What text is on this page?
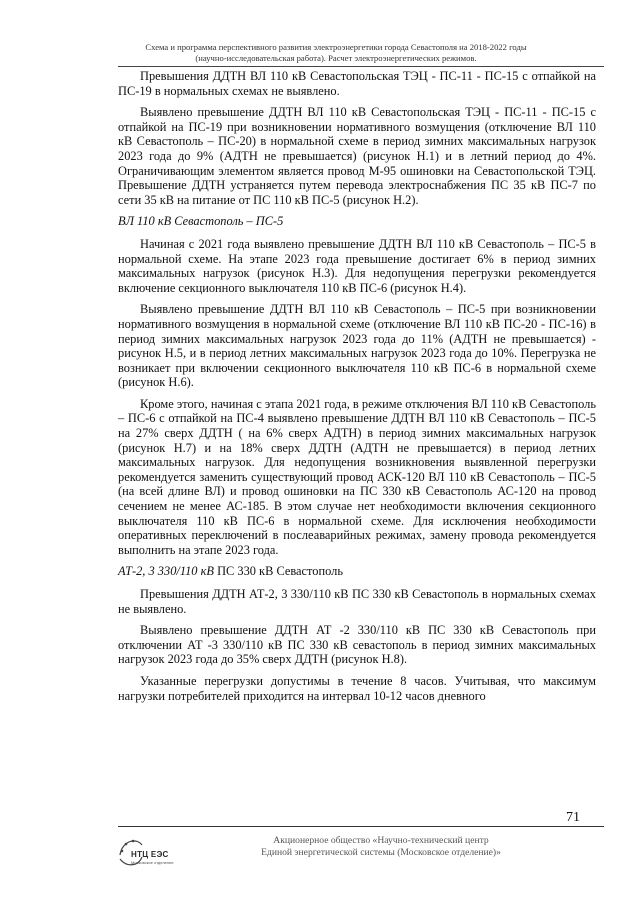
Схема и программа перспективного развития электроэнергетики города Севастополя на 2018-2022 годы
(научно-исследовательская работа). Расчет электроэнергетических режимов.

Превышения ДДТН ВЛ 110 кВ Севастопольская ТЭЦ - ПС-11 - ПС-15 с отпайкой на ПС-19 в нормальных схемах не выявлено.

Выявлено превышение ДДТН ВЛ 110 кВ Севастопольская ТЭЦ - ПС-11 - ПС-15 с отпайкой на ПС-19 при возникновении нормативного возмущения (отключение ВЛ 110 кВ Севастополь – ПС-20) в нормальной схеме в период зимних максимальных нагрузок 2023 года до 9% (АДТН не превышается) (рисунок Н.1) и в летний период до 4%. Ограничивающим элементом является провод М-95 ошиновки на Севастопольской ТЭЦ. Превышение ДДТН устраняется путем перевода электроснабжения ПС 35 кВ ПС-7 по сети 35 кВ на питание от ПС 110 кВ ПС-5 (рисунок Н.2).

ВЛ 110 кВ Севастополь – ПС-5

Начиная с 2021 года выявлено превышение ДДТН ВЛ 110 кВ Севастополь – ПС-5 в нормальной схеме. На этапе 2023 года превышение достигает 6% в период зимних максимальных нагрузок (рисунок Н.3). Для недопущения перегрузки рекомендуется включение секционного выключателя 110 кВ ПС-6 (рисунок Н.4).

Выявлено превышение ДДТН ВЛ 110 кВ Севастополь – ПС-5 при возникновении нормативного возмущения в нормальной схеме (отключение ВЛ 110 кВ ПС-20 - ПС-16) в период зимних максимальных нагрузок 2023 года до 11% (АДТН не превышается) - рисунок Н.5, и в период летних максимальных нагрузок 2023 года до 10%. Перегрузка не возникает при включении секционного выключателя 110 кВ ПС-6 в нормальной схеме (рисунок Н.6).

Кроме этого, начиная с этапа 2021 года, в режиме отключения ВЛ 110 кВ Севастополь – ПС-6 с отпайкой на ПС-4 выявлено превышение ДДТН ВЛ 110 кВ Севастополь – ПС-5 на 27% сверх ДДТН ( на 6% сверх АДТН) в период зимних максимальных нагрузок (рисунок Н.7) и на 18% сверх ДДТН (АДТН не превышается) в период летних максимальных нагрузок. Для недопущения возникновения выявленной перегрузки рекомендуется заменить существующий провод АСК-120 ВЛ 110 кВ Севастополь – ПС-5 (на всей длине ВЛ) и провод ошиновки на ПС 330 кВ Севастополь АС-120 на провод сечением не менее АС-185. В этом случае нет необходимости включения секционного выключателя 110 кВ ПС-6 в нормальной схеме. Для исключения необходимости оперативных переключений в послеаварийных режимах, замену провода рекомендуется выполнить на этапе 2023 года.

АТ-2, 3 330/110 кВ ПС 330 кВ Севастополь

Превышения ДДТН АТ-2, 3 330/110 кВ ПС 330 кВ Севастополь в нормальных схемах не выявлено.

Выявлено превышение ДДТН АТ -2 330/110 кВ ПС 330 кВ Севастополь при отключении АТ -3 330/110 кВ ПС 330 кВ севастополь в период зимних максимальных нагрузок 2023 года до 35% сверх ДДТН (рисунок Н.8).

Указанные перегрузки допустимы в течение 8 часов. Учитывая, что максимум нагрузки потребителей приходится на интервал 10-12 часов дневного

71
НТЦ ЕЭС
Московское отделение
Акционерное общество «Научно-технический центр
Единой энергетической системы (Московское отделение)»
